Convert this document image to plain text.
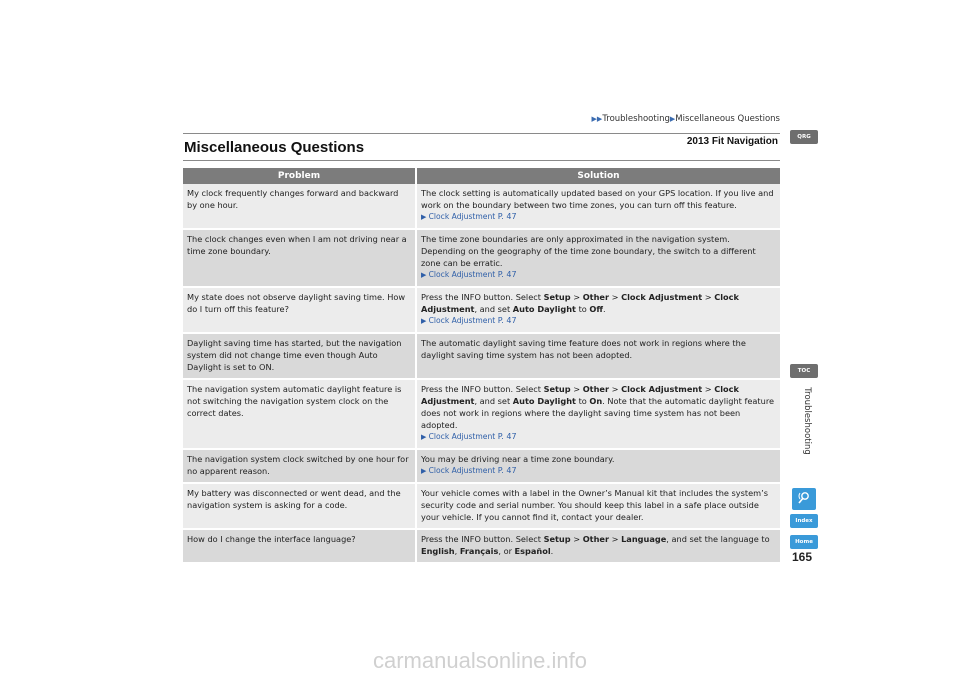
▶▶Troubleshooting▶Miscellaneous Questions
2013 Fit Navigation
Miscellaneous Questions
Problem	Solution
My clock frequently changes forward and backward by one hour.	The clock setting is automatically updated based on your GPS location. If you live and work on the boundary between two time zones, you can turn off this feature.
▶ Clock Adjustment P. 47

The clock changes even when I am not driving near a time zone boundary.	The time zone boundaries are only approximated in the navigation system. Depending on the geography of the time zone boundary, the switch to a different zone can be erratic.
▶ Clock Adjustment P. 47

My state does not observe daylight saving time. How do I turn off this feature?	Press the INFO button. Select Setup > Other > Clock Adjustment > Clock Adjustment, and set Auto Daylight to Off.
▶ Clock Adjustment P. 47

Daylight saving time has started, but the navigation system did not change time even though Auto Daylight is set to ON.	The automatic daylight saving time feature does not work in regions where the daylight saving time system has not been adopted.

The navigation system automatic daylight feature is not switching the navigation system clock on the correct dates.	Press the INFO button. Select Setup > Other > Clock Adjustment > Clock Adjustment, and set Auto Daylight to On. Note that the automatic daylight feature does not work in regions where the daylight saving time system has not been adopted.
▶ Clock Adjustment P. 47

The navigation system clock switched by one hour for no apparent reason.	You may be driving near a time zone boundary.
▶ Clock Adjustment P. 47

My battery was disconnected or went dead, and the navigation system is asking for a code.	Your vehicle comes with a label in the Owner’s Manual kit that includes the system’s security code and serial number. You should keep this label in a safe place outside your vehicle. If you cannot find it, contact your dealer.

How do I change the interface language?	Press the INFO button. Select Setup > Other > Language, and set the language to English, Français, or Español.
QRG
TOC
Troubleshooting
Index
Home
165
carmanualsonline.info
